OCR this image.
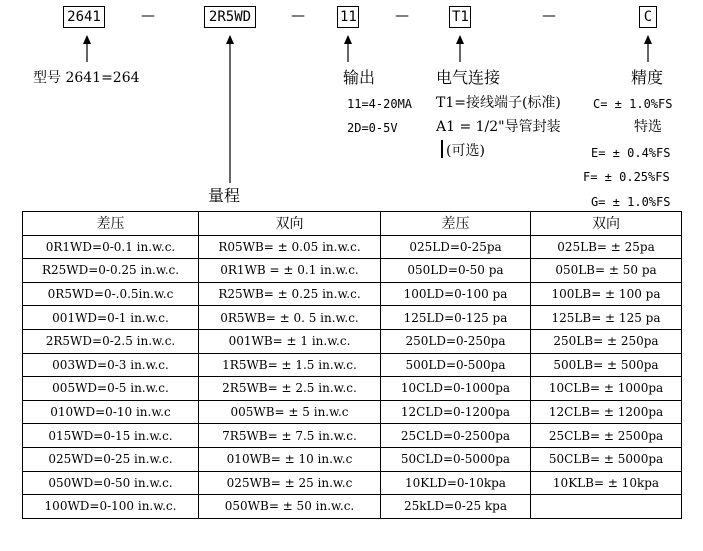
2641	—	2R5WD	—	11	—	T1	—	C
型号 2641=264
量程
输出
11=4-20MA
2D=0-5V
电气连接
T1=接线端子(标准)
A1 = 1/2"导管封装
(可选)
精度
C= ± 1.0%FS
特选
E= ± 0.4%FS
F= ± 0.25%FS
G= ± 1.0%FS
差压	双向	差压	双向
0R1WD=0-0.1 in.w.c.	R05WB= ± 0.05 in.w.c.	025LD=0-25pa	025LB= ± 25pa
R25WD=0-0.25 in.w.c.	0R1WB = ± 0.1 in.w.c.	050LD=0-50 pa	050LB= ± 50 pa
0R5WD=0-.0.5in.w.c	R25WB= ± 0.25 in.w.c.	100LD=0-100 pa	100LB= ± 100 pa
001WD=0-1 in.w.c.	0R5WB= ± 0. 5 in.w.c.	125LD=0-125 pa	125LB= ± 125 pa
2R5WD=0-2.5 in.w.c.	001WB= ± 1 in.w.c.	250LD=0-250pa	250LB= ± 250pa
003WD=0-3 in.w.c.	1R5WB= ± 1.5 in.w.c.	500LD=0-500pa	500LB= ± 500pa
005WD=0-5 in.w.c.	2R5WB= ± 2.5 in.w.c.	10CLD=0-1000pa	10CLB= ± 1000pa
010WD=0-10 in.w.c	005WB= ± 5 in.w.c	12CLD=0-1200pa	12CLB= ± 1200pa
015WD=0-15 in.w.c.	7R5WB= ± 7.5 in.w.c.	25CLD=0-2500pa	25CLB= ± 2500pa
025WD=0-25 in.w.c.	010WB= ± 10 in.w.c	50CLD=0-5000pa	50CLB= ± 5000pa
050WD=0-50 in.w.c.	025WB= ± 25 in.w.c	10KLD=0-10kpa	10KLB= ± 10kpa
100WD=0-100 in.w.c.	050WB= ± 50 in.w.c.	25kLD=0-25 kpa	
